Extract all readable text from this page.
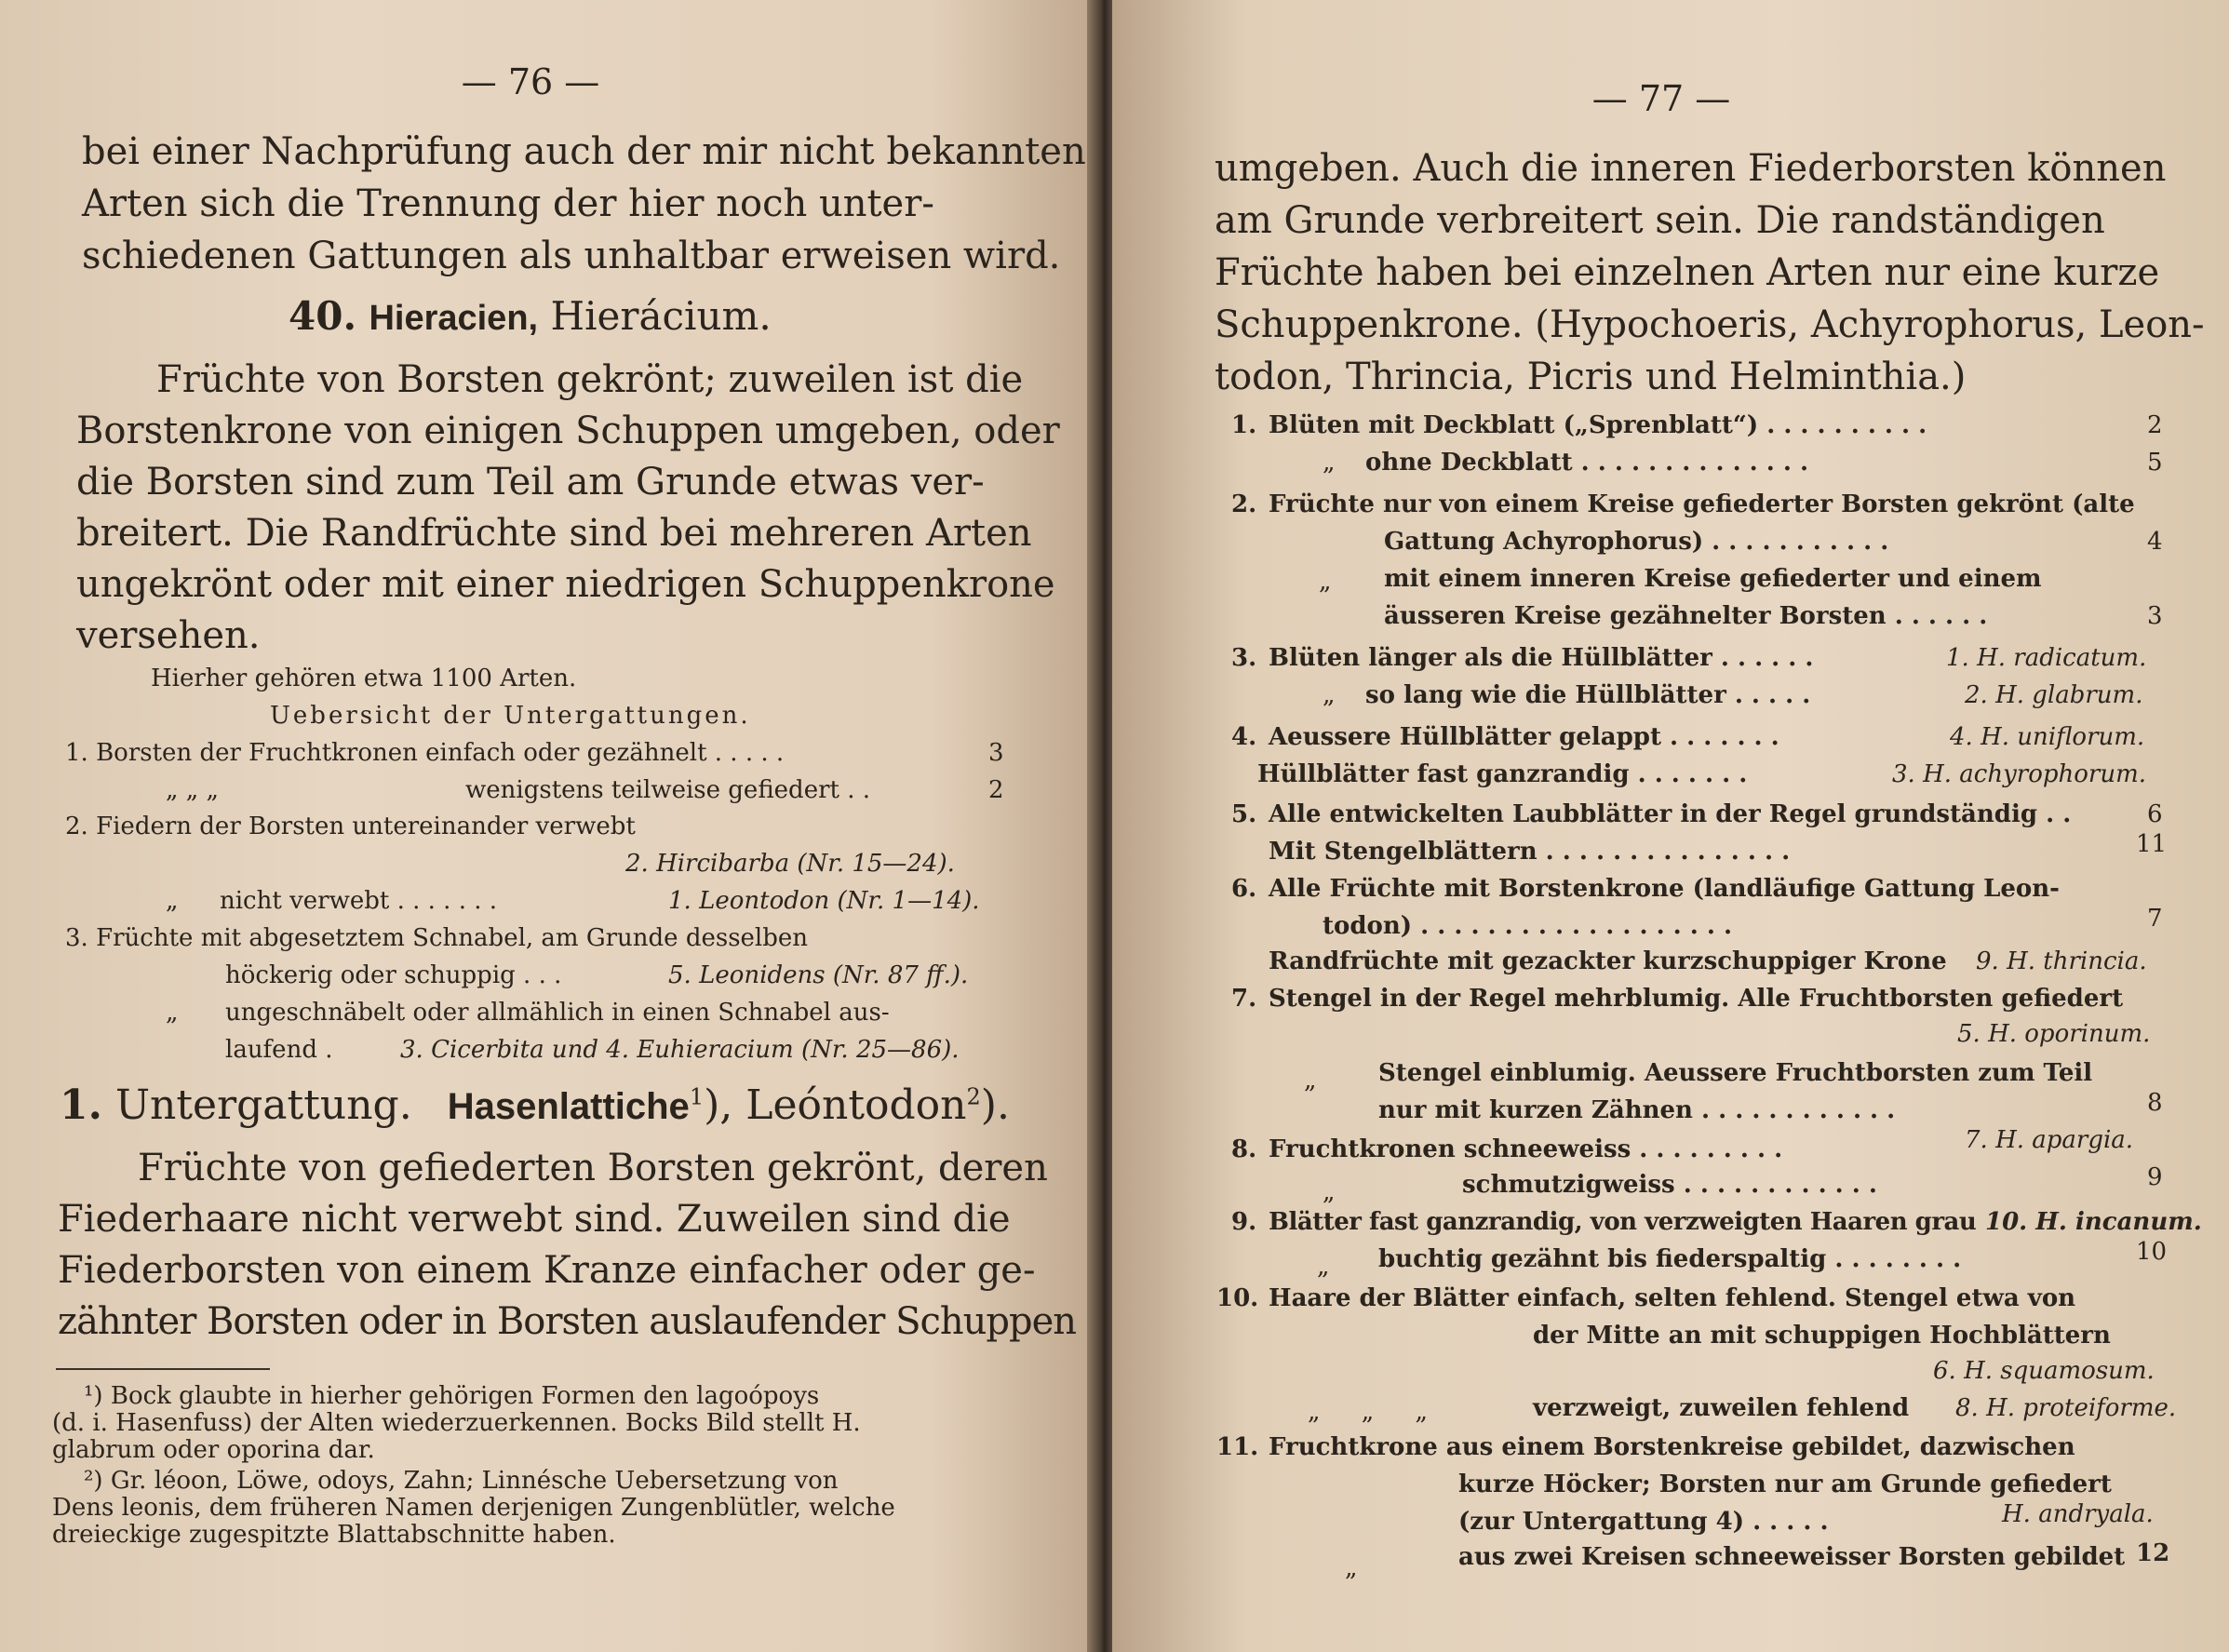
— 76 —
bei einer Nachprüfung auch der mir nicht bekannten
Arten sich die Trennung der hier noch unter-
schiedenen Gattungen als unhaltbar erweisen wird.
40. Hieracien, Hierácium.
Früchte von Borsten gekrönt; zuweilen ist die
Borstenkrone von einigen Schuppen umgeben, oder
die Borsten sind zum Teil am Grunde etwas ver-
breitert. Die Randfrüchte sind bei mehreren Arten
ungekrönt oder mit einer niedrigen Schuppenkrone
versehen.
Hierher gehören etwa 1100 Arten.
Uebersicht der Untergattungen.
1. Borsten der Fruchtkronen einfach oder gezähnelt . . . . .	3
„ „ „	wenigstens teilweise gefiedert . .	2
2. Fiedern der Borsten untereinander verwebt
2. Hircibarba (Nr. 15—24).
„ nicht verwebt . . . . . . .	1. Leontodon (Nr. 1—14).
3. Früchte mit abgesetztem Schnabel, am Grunde desselben
höckerig oder schuppig . . .	5. Leonidens (Nr. 87 ff.).
„ ungeschnäbelt oder allmählich in einen Schnabel aus-
laufend .	3. Cicerbita und 4. Euhieracium (Nr. 25—86).
1. Untergattung. Hasenlattiche$^1$), Leóntodon$^2$).
Früchte von gefiederten Borsten gekrönt, deren
Fiederhaare nicht verwebt sind. Zuweilen sind die
Fiederborsten von einem Kranze einfacher oder ge-
zähnter Borsten oder in Borsten auslaufender Schuppen
¹) Bock glaubte in hierher gehörigen Formen den lagoópoys
(d. i. Hasenfuss) der Alten wiederzuerkennen. Bocks Bild stellt H.
glabrum oder oporina dar.
²) Gr. léoon, Löwe, odoys, Zahn; Linnésche Uebersetzung von
Dens leonis, dem früheren Namen derjenigen Zungenblütler, welche
dreieckige zugespitzte Blattabschnitte haben.
— 77 —
umgeben. Auch die inneren Fiederborsten können
am Grunde verbreitert sein. Die randständigen
Früchte haben bei einzelnen Arten nur eine kurze
Schuppenkrone. (Hypochoeris, Achyrophorus, Leon-
todon, Thrincia, Picris und Helminthia.)
1. Blüten mit Deckblatt („Sprenblatt“) . . . . . . . . . .	2
„ ohne Deckblatt . . . . . . . . . . . . . .	5
2. Früchte nur von einem Kreise gefiederter Borsten gekrönt (alte
Gattung Achyrophorus) . . . . . . . . . . .	4
„ mit einem inneren Kreise gefiederter und einem
äusseren Kreise gezähnelter Borsten . . . . . .	3
3. Blüten länger als die Hüllblätter . . . . . .	1. H. radicatum.
„ so lang wie die Hüllblätter . . . . .	2. H. glabrum.
4. Aeussere Hüllblätter gelappt . . . . . . .	4. H. uniflorum.
Hüllblätter fast ganzrandig . . . . . . .	3. H. achyrophorum.
5. Alle entwickelten Laubblätter in der Regel grundständig . .	6
Mit Stengelblättern . . . . . . . . . . . . . . .	11
6. Alle Früchte mit Borstenkrone (landläufige Gattung Leon-
todon) . . . . . . . . . . . . . . . . . . .	7
Randfrüchte mit gezackter kurzschuppiger Krone 9. H. thrincia.
7. Stengel in der Regel mehrblumig. Alle Fruchtborsten gefiedert
5. H. oporinum.
„	Stengel einblumig. Aeussere Fruchtborsten zum Teil
nur mit kurzen Zähnen . . . . . . . . . . . .	8
8. Fruchtkronen schneeweiss . . . . . . . . .	7. H. apargia.
„	schmutzigweiss . . . . . . . . . . . .	9
9. Blätter fast ganzrandig, von verzweigten Haaren grau 10. H. incanum.
„ buchtig gezähnt bis fiederspaltig . . . . . . . .	10
10. Haare der Blätter einfach, selten fehlend. Stengel etwa von
der Mitte an mit schuppigen Hochblättern
6. H. squamosum.
„ „ „	verzweigt, zuweilen fehlend 8. H. proteiforme.
11. Fruchtkrone aus einem Borstenkreise gebildet, dazwischen
kurze Höcker; Borsten nur am Grunde gefiedert
(zur Untergattung 4) . . . . .	H. andryala.
„	aus zwei Kreisen schneeweisser Borsten gebildet 12
